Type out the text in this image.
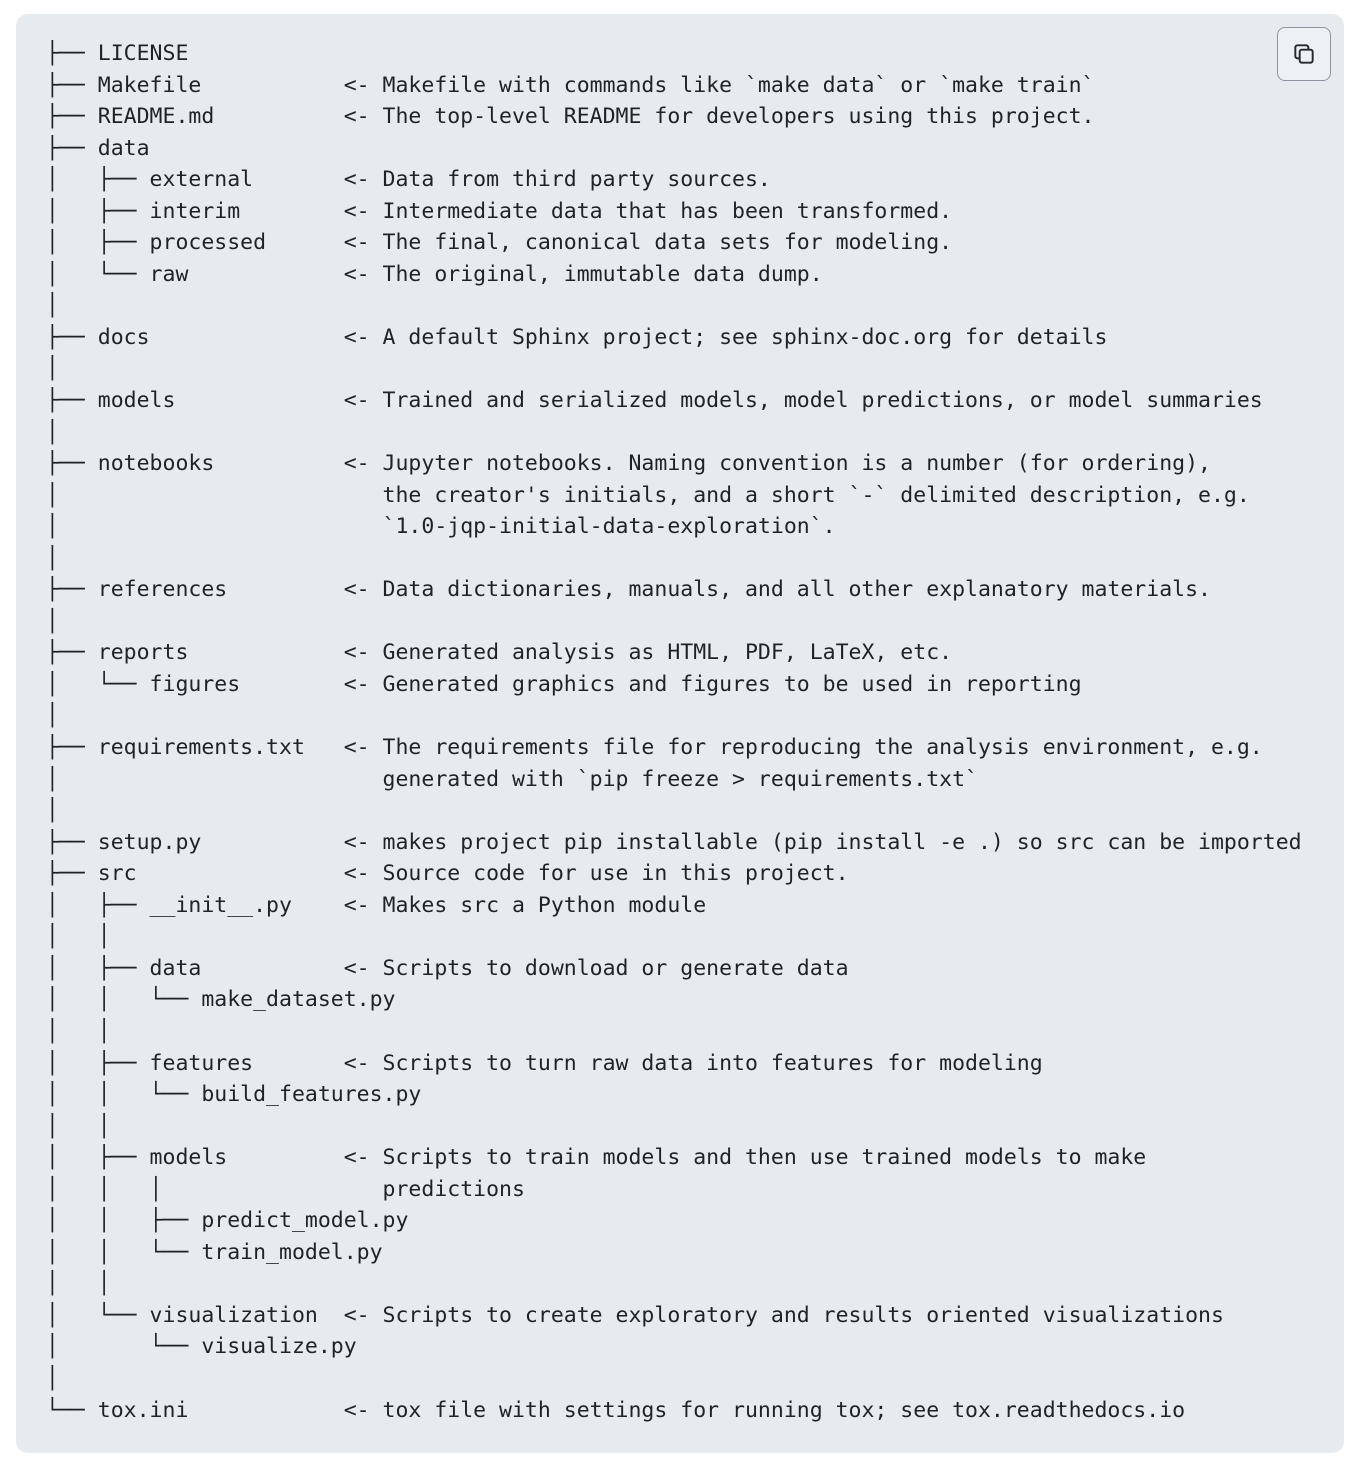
├── LICENSE
├── Makefile           <- Makefile with commands like `make data` or `make train`
├── README.md          <- The top-level README for developers using this project.
├── data
│   ├── external       <- Data from third party sources.
│   ├── interim        <- Intermediate data that has been transformed.
│   ├── processed      <- The final, canonical data sets for modeling.
│   └── raw            <- The original, immutable data dump.
│
├── docs               <- A default Sphinx project; see sphinx-doc.org for details
│
├── models             <- Trained and serialized models, model predictions, or model summaries
│
├── notebooks          <- Jupyter notebooks. Naming convention is a number (for ordering),
│                         the creator's initials, and a short `-` delimited description, e.g.
│                         `1.0-jqp-initial-data-exploration`.
│
├── references         <- Data dictionaries, manuals, and all other explanatory materials.
│
├── reports            <- Generated analysis as HTML, PDF, LaTeX, etc.
│   └── figures        <- Generated graphics and figures to be used in reporting
│
├── requirements.txt   <- The requirements file for reproducing the analysis environment, e.g.
│                         generated with `pip freeze > requirements.txt`
│
├── setup.py           <- makes project pip installable (pip install -e .) so src can be imported
├── src                <- Source code for use in this project.
│   ├── __init__.py    <- Makes src a Python module
│   │
│   ├── data           <- Scripts to download or generate data
│   │   └── make_dataset.py
│   │
│   ├── features       <- Scripts to turn raw data into features for modeling
│   │   └── build_features.py
│   │
│   ├── models         <- Scripts to train models and then use trained models to make
│   │   │                 predictions
│   │   ├── predict_model.py
│   │   └── train_model.py
│   │
│   └── visualization  <- Scripts to create exploratory and results oriented visualizations
│       └── visualize.py
│
└── tox.ini            <- tox file with settings for running tox; see tox.readthedocs.io
